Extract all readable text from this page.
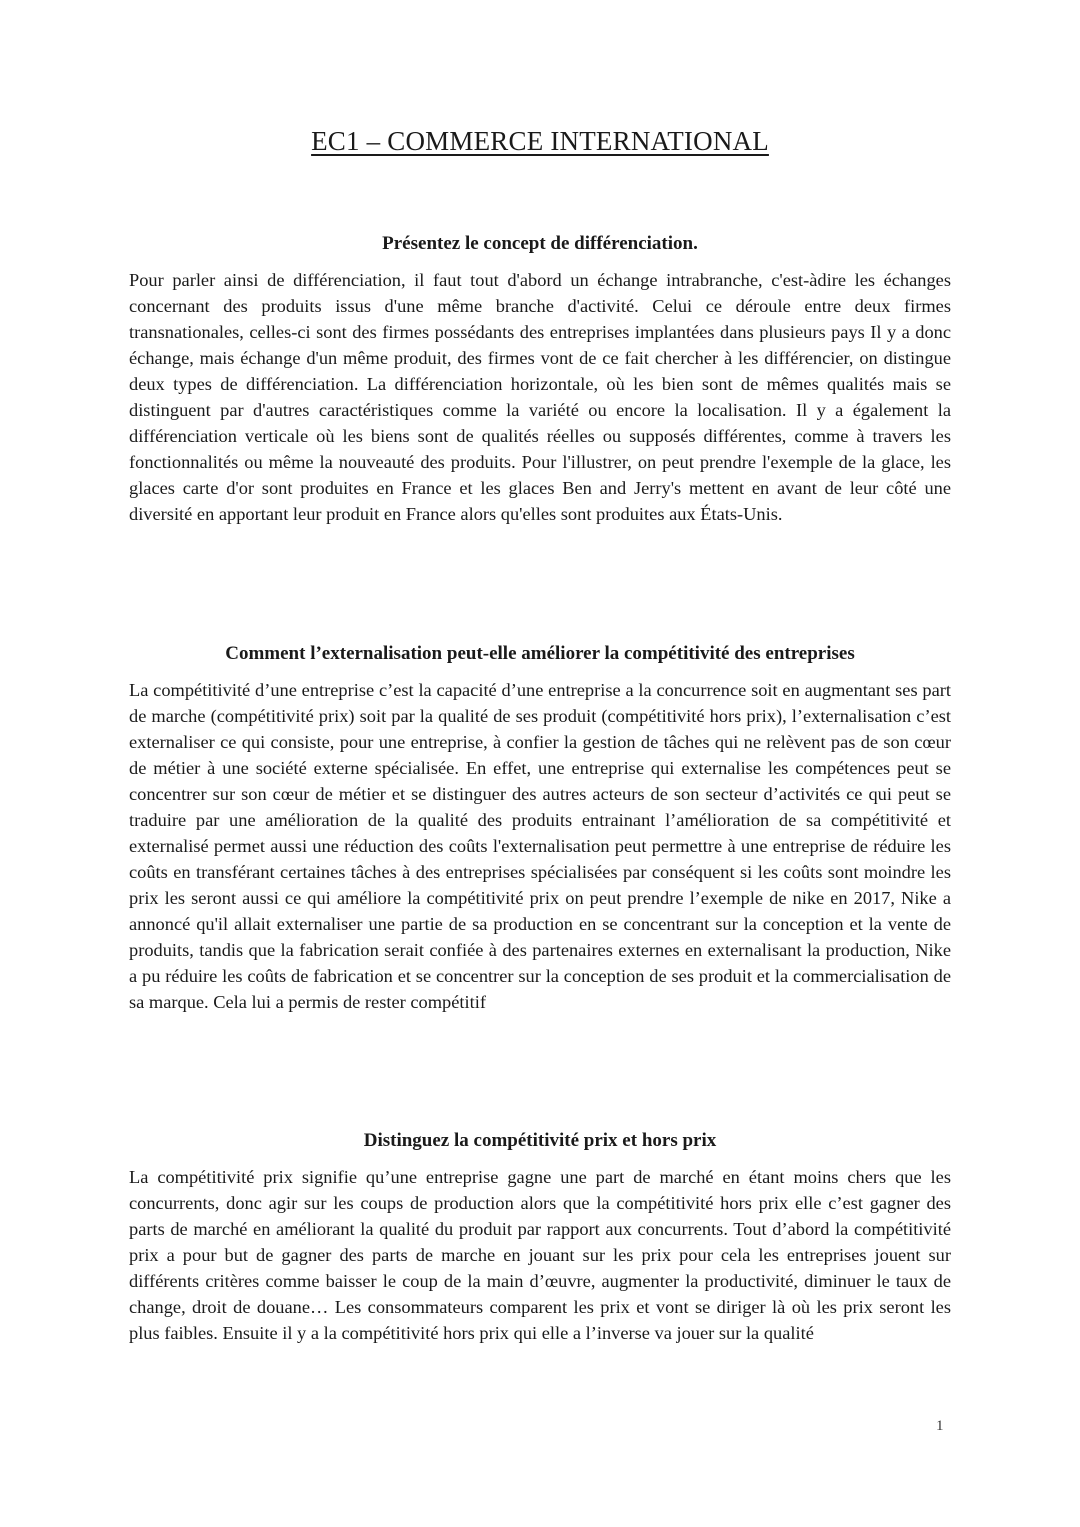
EC1 – COMMERCE INTERNATIONAL
Présentez le concept de différenciation.

Pour parler ainsi de différenciation, il faut tout d'abord un échange intrabranche, c'est-àdire les échanges concernant des produits issus d'une même branche d'activité. Celui ce déroule entre deux firmes transnationales, celles-ci sont des firmes possédants des entreprises implantées dans plusieurs pays Il y a donc échange, mais échange d'un même produit, des firmes vont de ce fait chercher à les différencier, on distingue deux types de différenciation. La différenciation horizontale, où les bien sont de mêmes qualités mais se distinguent par d'autres caractéristiques comme la variété ou encore la localisation. Il y a également la différenciation verticale où les biens sont de qualités réelles ou supposés différentes, comme à travers les fonctionnalités ou même la nouveauté des produits. Pour l'illustrer, on peut prendre l'exemple de la glace, les glaces carte d'or sont produites en France et les glaces Ben and Jerry's mettent en avant de leur côté une diversité en apportant leur produit en France alors qu'elles sont produites aux États-Unis.

Comment l’externalisation peut-elle améliorer la compétitivité des entreprises

La compétitivité d’une entreprise c’est la capacité d’une entreprise a la concurrence soit en augmentant ses part de marche (compétitivité prix) soit par la qualité de ses produit (compétitivité hors prix), l’externalisation c’est externaliser ce qui consiste, pour une entreprise, à confier la gestion de tâches qui ne relèvent pas de son cœur de métier à une société externe spécialisée. En effet, une entreprise qui externalise les compétences peut se concentrer sur son cœur de métier et se distinguer des autres acteurs de son secteur d’activités ce qui peut se traduire par une amélioration de la qualité des produits entrainant l’amélioration de sa compétitivité et externalisé permet aussi une réduction des coûts l'externalisation peut permettre à une entreprise de réduire les coûts en transférant certaines tâches à des entreprises spécialisées par conséquent si les coûts sont moindre les prix les seront aussi ce qui améliore la compétitivité prix on peut prendre l’exemple de nike en 2017, Nike a annoncé qu'il allait externaliser une partie de sa production en se concentrant sur la conception et la vente de produits, tandis que la fabrication serait confiée à des partenaires externes en externalisant la production, Nike a pu réduire les coûts de fabrication et se concentrer sur la conception de ses produit et la commercialisation de sa marque. Cela lui a permis de rester compétitif

Distinguez la compétitivité prix et hors prix

La compétitivité prix signifie qu’une entreprise gagne une part de marché en étant moins chers que les concurrents, donc agir sur les coups de production alors que la compétitivité hors prix elle c’est gagner des parts de marché en améliorant la qualité du produit par rapport aux concurrents. Tout d’abord la compétitivité prix a pour but de gagner des parts de marche en jouant sur les prix pour cela les entreprises jouent sur différents critères comme baisser le coup de la main d’œuvre, augmenter la productivité, diminuer le taux de change, droit de douane… Les consommateurs comparent les prix et vont se diriger là où les prix seront les plus faibles. Ensuite il y a la compétitivité hors prix qui elle a l’inverse va jouer sur la qualité

1
